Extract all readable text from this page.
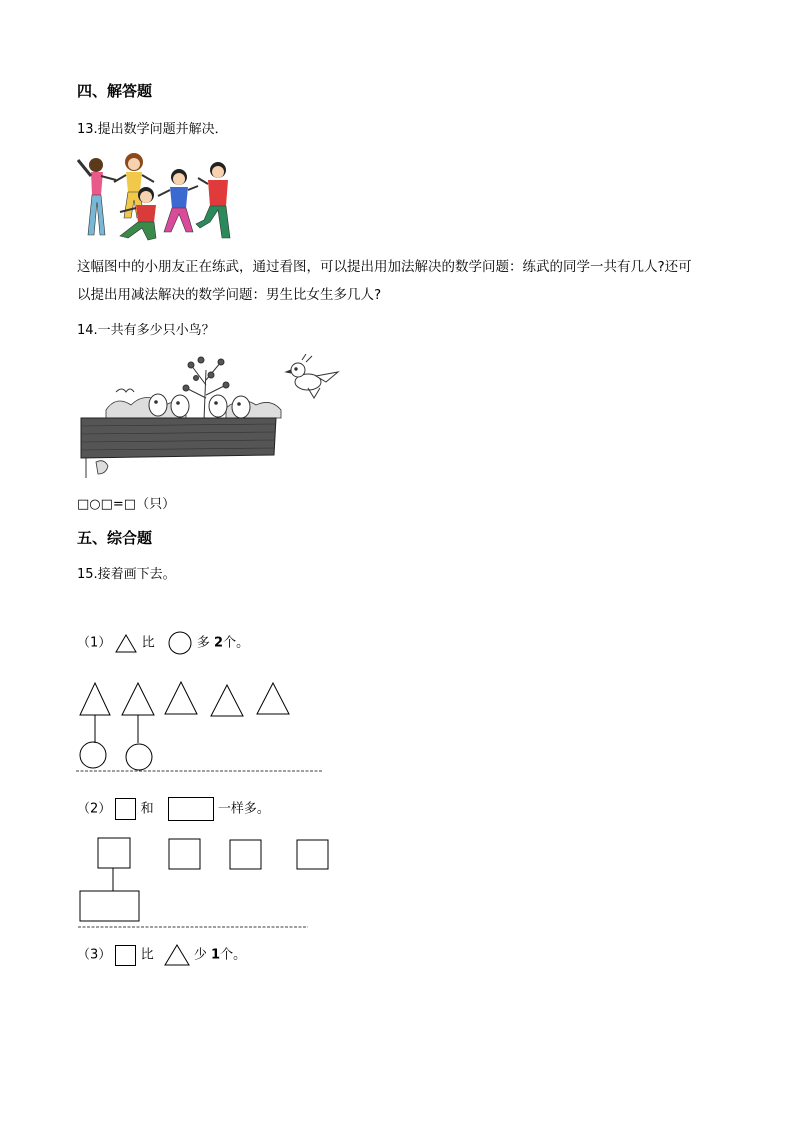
四、解答题
13.提出数学问题并解决．
这幅图中的小朋友正在练武，通过看图，可以提出用加法解决的数学问题：练武的同学一共有几人?还可
以提出用减法解决的数学问题：男生比女生多几人?
14.一共有多少只小鸟？
□○□=□（只）
五、综合题
15.接着画下去。
（1） 比	多 2个。
（2） 和	一样多。
（3） 比	少 1个。
